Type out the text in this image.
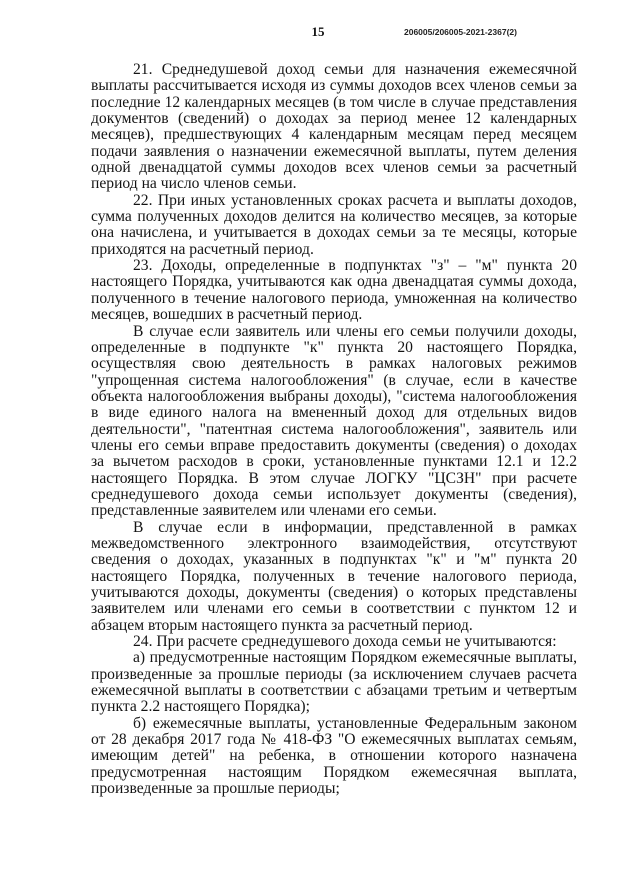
15	206005/206005-2021-2367(2)

21. Среднедушевой доход семьи для назначения ежемесячной выплаты рассчитывается исходя из суммы доходов всех членов семьи за последние 12 календарных месяцев (в том числе в случае представления документов (сведений) о доходах за период менее 12 календарных месяцев), предшествующих 4 календарным месяцам перед месяцем подачи заявления о назначении ежемесячной выплаты, путем деления одной двенадцатой суммы доходов всех членов семьи за расчетный период на число членов семьи.

22. При иных установленных сроках расчета и выплаты доходов, сумма полученных доходов делится на количество месяцев, за которые она начислена, и учитывается в доходах семьи за те месяцы, которые приходятся на расчетный период.

23. Доходы, определенные в подпунктах "з" – "м" пункта 20 настоящего Порядка, учитываются как одна двенадцатая суммы дохода, полученного в течение налогового периода, умноженная на количество месяцев, вошедших в расчетный период.

В случае если заявитель или члены его семьи получили доходы, определенные в подпункте "к" пункта 20 настоящего Порядка, осуществляя свою деятельность в рамках налоговых режимов "упрощенная система налогообложения" (в случае, если в качестве объекта налогообложения выбраны доходы), "система налогообложения в виде единого налога на вмененный доход для отдельных видов деятельности", "патентная система налогообложения", заявитель или члены его семьи вправе предоставить документы (сведения) о доходах за вычетом расходов в сроки, установленные пунктами 12.1 и 12.2 настоящего Порядка. В этом случае ЛОГКУ "ЦСЗН" при расчете среднедушевого дохода семьи использует документы (сведения), представленные заявителем или членами его семьи.

В случае если в информации, представленной в рамках межведомственного электронного взаимодействия, отсутствуют сведения о доходах, указанных в подпунктах "к" и "м" пункта 20 настоящего Порядка, полученных в течение налогового периода, учитываются доходы, документы (сведения) о которых представлены заявителем или членами его семьи в соответствии с пунктом 12 и абзацем вторым настоящего пункта за расчетный период.

24. При расчете среднедушевого дохода семьи не учитываются:

а) предусмотренные настоящим Порядком ежемесячные выплаты, произведенные за прошлые периоды (за исключением случаев расчета ежемесячной выплаты в соответствии с абзацами третьим и четвертым пункта 2.2 настоящего Порядка);

б) ежемесячные выплаты, установленные Федеральным законом от 28 декабря 2017 года № 418-ФЗ "О ежемесячных выплатах семьям, имеющим детей" на ребенка, в отношении которого назначена предусмотренная настоящим Порядком ежемесячная выплата, произведенные за прошлые периоды;
